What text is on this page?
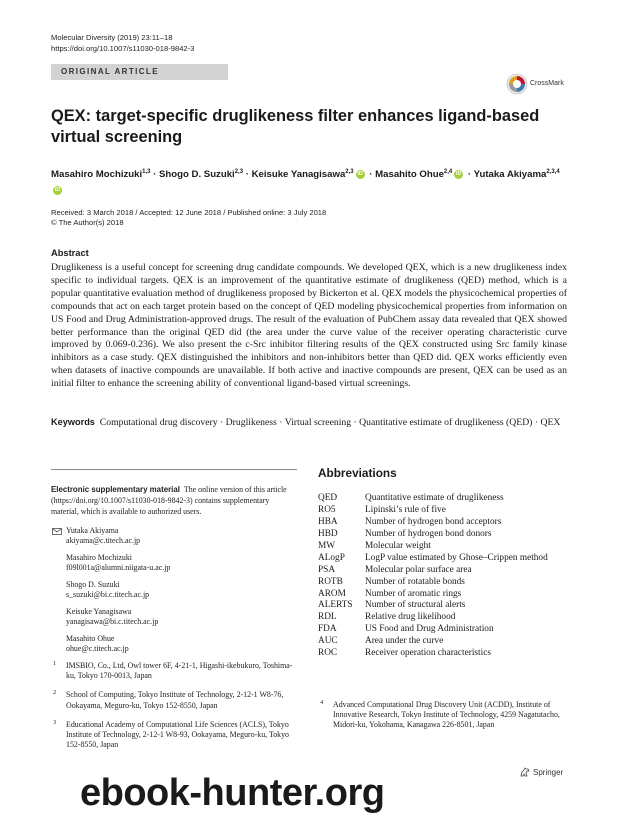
Molecular Diversity (2019) 23:11–18
https://doi.org/10.1007/s11030-018-9842-3
ORIGINAL ARTICLE
CrossMark
QEX: target-specific druglikeness filter enhances ligand-based virtual screening
Masahiro Mochizuki$^{1,3}$ · Shogo D. Suzuki$^{2,3}$ · Keisuke Yanagisawa$^{2,3}$ iD · Masahito Ohue$^{2,4}$ iD · Yutaka Akiyama$^{2,3,4}$iD
Received: 3 March 2018 / Accepted: 12 June 2018 / Published online: 3 July 2018
© The Author(s) 2018
Abstract
Druglikeness is a useful concept for screening drug candidate compounds. We developed QEX, which is a new druglikeness index specific to individual targets. QEX is an improvement of the quantitative estimate of druglikeness (QED) method, which is a popular quantitative evaluation method of druglikeness proposed by Bickerton et al. QEX models the physicochemical properties of compounds that act on each target protein based on the concept of QED modeling physicochemical properties from information on US Food and Drug Administration-approved drugs. The result of the evaluation of PubChem assay data revealed that QEX showed better performance than the original QED did (the area under the curve value of the receiver operating characteristic curve improved by 0.069-0.236). We also present the c-Src inhibitor filtering results of the QEX constructed using Src family kinase inhibitors as a case study. QEX distinguished the inhibitors and non-inhibitors better than QED did. QEX works efficiently even when datasets of inactive compounds are unavailable. If both active and inactive compounds are present, QEX can be used as an initial filter to enhance the screening ability of conventional ligand-based virtual screenings.
Keywords Computational drug discovery · Druglikeness · Virtual screening · Quantitative estimate of druglikeness (QED) · QEX
Electronic supplementary material The online version of this article (https://doi.org/10.1007/s11030-018-9842-3) contains supplementary material, which is available to authorized users.
Yutaka Akiyama
akiyama@c.titech.ac.jp
Masahiro Mochizuki
f09l001a@alumni.niigata-u.ac.jp
Shogo D. Suzuki
s_suzuki@bi.c.titech.ac.jp
Keisuke Yanagisawa
yanagisawa@bi.c.titech.ac.jp
Masahito Ohue
ohue@c.titech.ac.jp
1 IMSBIO, Co., Ltd, Owl tower 6F, 4-21-1, Higashi-ikebukuro, Toshima-ku, Tokyo 170-0013, Japan
2 School of Computing, Tokyo Institute of Technology, 2-12-1 W8-76, Ookayama, Meguro-ku, Tokyo 152-8550, Japan
3 Educational Academy of Computational Life Sciences (ACLS), Tokyo Institute of Technology, 2-12-1 W8-93, Ookayama, Meguro-ku, Tokyo 152-8550, Japan
Abbreviations
QED	Quantitative estimate of druglikeness
RO5	Lipinski’s rule of five
HBA	Number of hydrogen bond acceptors
HBD	Number of hydrogen bond donors
MW	Molecular weight
ALogP	LogP value estimated by Ghose–Crippen method
PSA	Molecular polar surface area
ROTB	Number of rotatable bonds
AROM	Number of aromatic rings
ALERTS	Number of structural alerts
RDL	Relative drug likelihood
FDA	US Food and Drug Administration
AUC	Area under the curve
ROC	Receiver operation characteristics
4 Advanced Computational Drug Discovery Unit (ACDD), Institute of Innovative Research, Tokyo Institute of Technology, 4259 Nagatutacho, Midori-ku, Yokohama, Kanagawa 226-8501, Japan
Springer
ebook-hunter.org
